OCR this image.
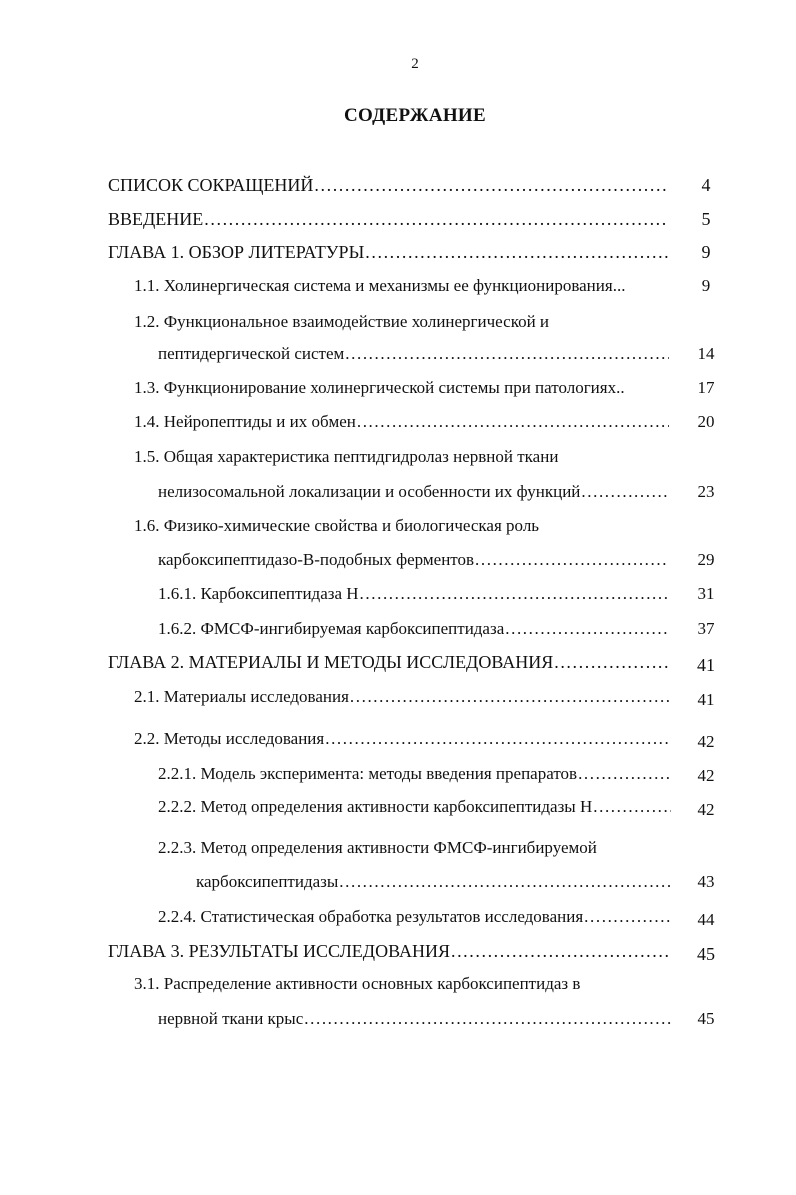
2
СОДЕРЖАНИЕ
СПИСОК СОКРАЩЕНИЙ .....	4
ВВЕДЕНИЕ .....	5
ГЛАВА 1. ОБЗОР ЛИТЕРАТУРЫ .....	9
1.1. Холинергическая система и механизмы ее функционирования...	9
1.2. Функциональное взаимодействие холинергической и
пептидергической систем .....	14
1.3. Функционирование холинергической системы при патологиях..	17
1.4. Нейропептиды и их обмен .....	20
1.5. Общая характеристика пептидгидролаз нервной ткани
нелизосомальной локализации и особенности их функций .....	23
1.6. Физико-химические свойства и биологическая роль
карбоксипептидазо-В-подобных ферментов .....	29
1.6.1. Карбоксипептидаза Н .....	31
1.6.2. ФМСФ-ингибируемая карбоксипептидаза .....	37
ГЛАВА 2. МАТЕРИАЛЫ И МЕТОДЫ ИССЛЕДОВАНИЯ .....	41
2.1. Материалы исследования .....	41
2.2. Методы исследования .....	42
2.2.1. Модель эксперимента: методы введения препаратов .....	42
2.2.2. Метод определения активности карбоксипептидазы Н .....	42
2.2.3. Метод определения активности ФМСФ-ингибируемой
карбоксипептидазы .....	43
2.2.4. Статистическая обработка результатов исследования .....	44
ГЛАВА 3. РЕЗУЛЬТАТЫ ИССЛЕДОВАНИЯ .....	45
3.1. Распределение активности основных карбоксипептидаз в
нервной ткани крыс .....	45
